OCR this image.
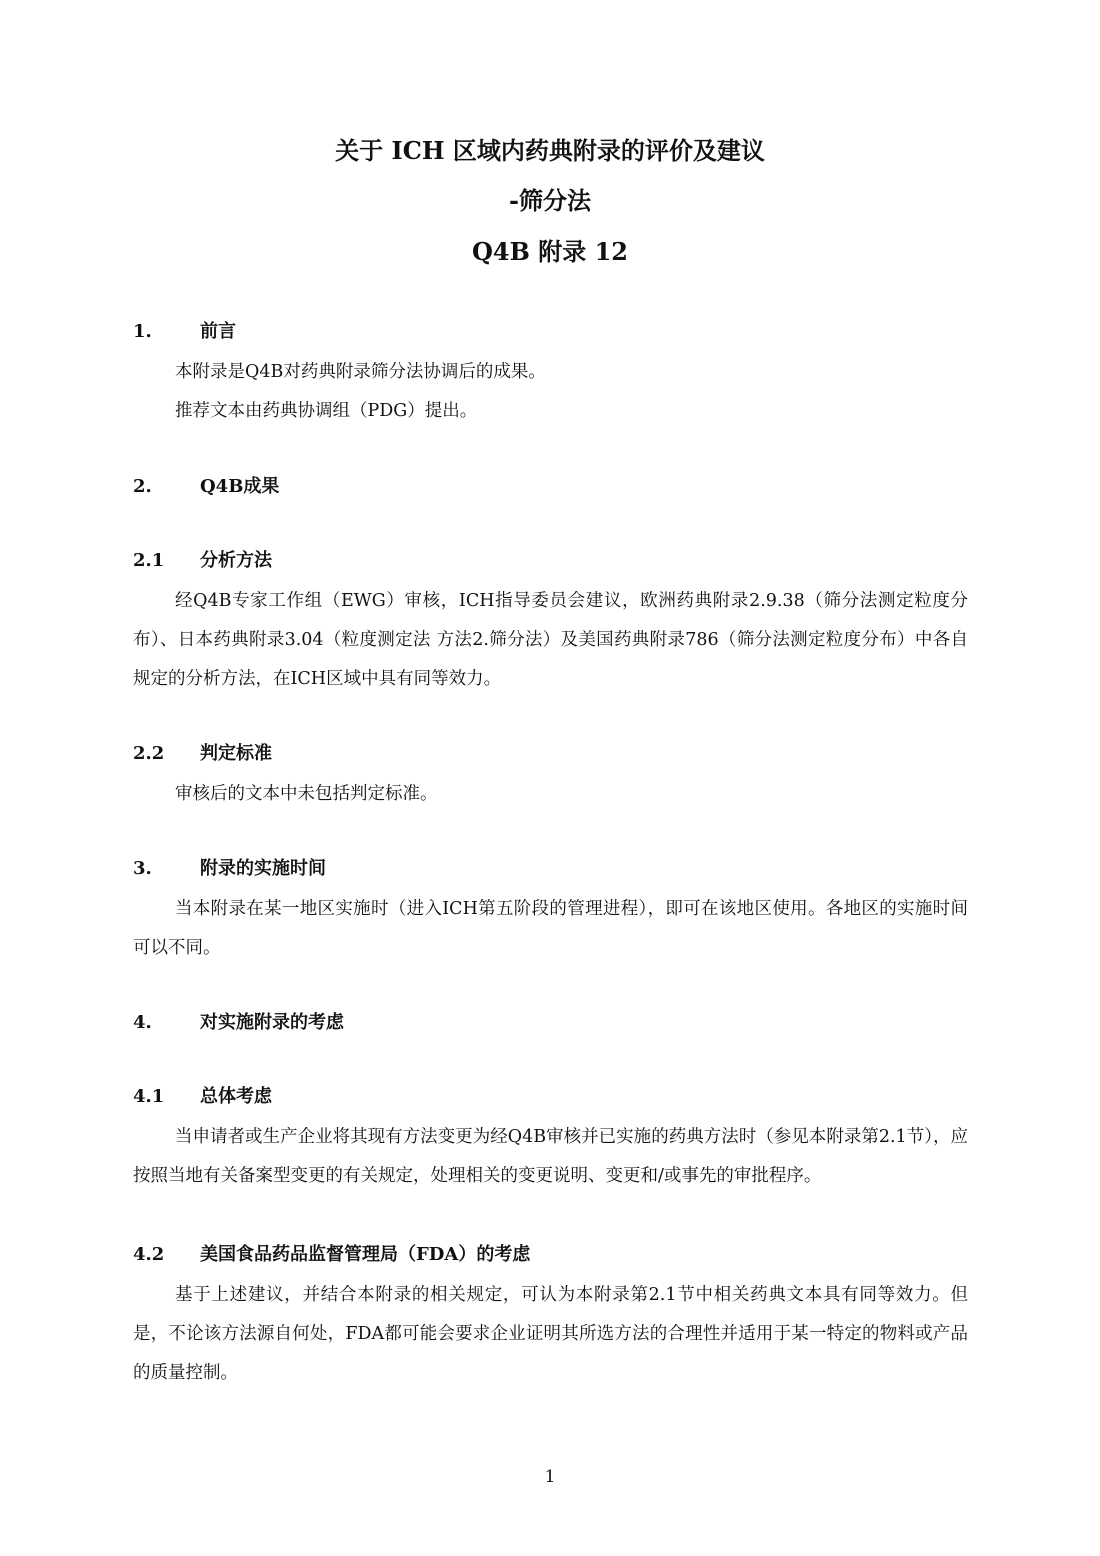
关于 ICH 区域内药典附录的评价及建议
-筛分法
Q4B 附录 12
1.	前言
本附录是Q4B对药典附录筛分法协调后的成果。
推荐文本由药典协调组（PDG）提出。
2.	Q4B成果
2.1 分析方法
经Q4B专家工作组（EWG）审核，ICH指导委员会建议，欧洲药典附录2.9.38（筛分法测定粒度分布）、日本药典附录3.04（粒度测定法 方法2.筛分法）及美国药典附录786（筛分法测定粒度分布）中各自规定的分析方法，在ICH区域中具有同等效力。
2.2 判定标准
审核后的文本中未包括判定标准。
3.	附录的实施时间
当本附录在某一地区实施时（进入ICH第五阶段的管理进程），即可在该地区使用。各地区的实施时间可以不同。
4.	对实施附录的考虑
4.1 总体考虑
当申请者或生产企业将其现有方法变更为经Q4B审核并已实施的药典方法时（参见本附录第2.1节），应按照当地有关备案型变更的有关规定，处理相关的变更说明、变更和/或事先的审批程序。
4.2 美国食品药品监督管理局（FDA）的考虑
基于上述建议，并结合本附录的相关规定，可认为本附录第2.1节中相关药典文本具有同等效力。但是，不论该方法源自何处，FDA都可能会要求企业证明其所选方法的合理性并适用于某一特定的物料或产品的质量控制。
1
